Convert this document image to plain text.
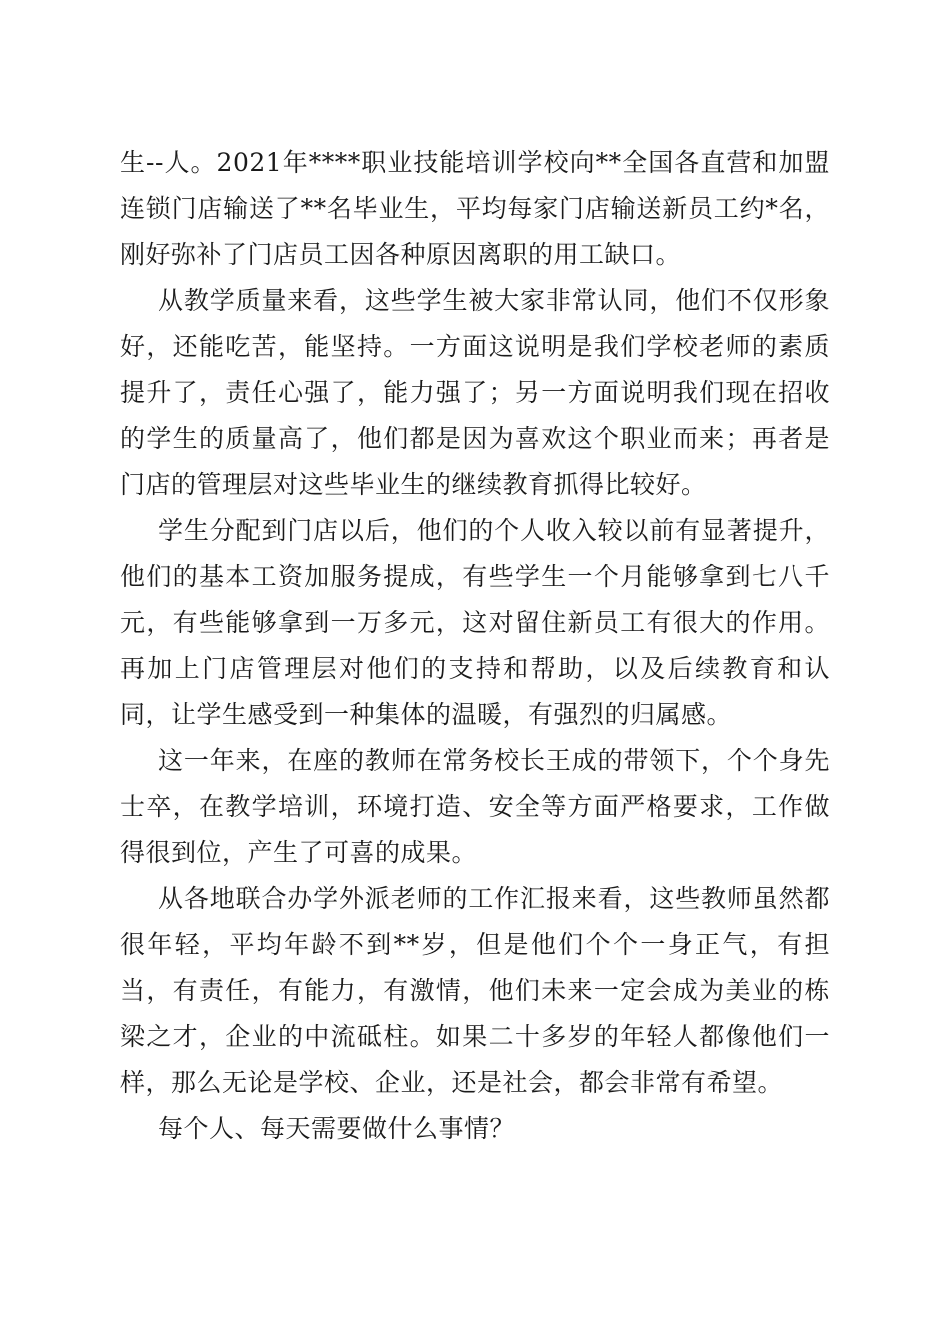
生--人。2021年****职业技能培训学校向**全国各直营和加盟连锁门店输送了**名毕业生，平均每家门店输送新员工约*名，刚好弥补了门店员工因各种原因离职的用工缺口。

从教学质量来看，这些学生被大家非常认同，他们不仅形象好，还能吃苦，能坚持。一方面这说明是我们学校老师的素质提升了，责任心强了，能力强了；另一方面说明我们现在招收的学生的质量高了，他们都是因为喜欢这个职业而来；再者是门店的管理层对这些毕业生的继续教育抓得比较好。

学生分配到门店以后，他们的个人收入较以前有显著提升，他们的基本工资加服务提成，有些学生一个月能够拿到七八千元，有些能够拿到一万多元，这对留住新员工有很大的作用。再加上门店管理层对他们的支持和帮助，以及后续教育和认同，让学生感受到一种集体的温暖，有强烈的归属感。

这一年来，在座的教师在常务校长王成的带领下，个个身先士卒，在教学培训，环境打造、安全等方面严格要求，工作做得很到位，产生了可喜的成果。

从各地联合办学外派老师的工作汇报来看，这些教师虽然都很年轻，平均年龄不到**岁，但是他们个个一身正气，有担当，有责任，有能力，有激情，他们未来一定会成为美业的栋梁之才，企业的中流砥柱。如果二十多岁的年轻人都像他们一样，那么无论是学校、企业，还是社会，都会非常有希望。

每个人、每天需要做什么事情？
